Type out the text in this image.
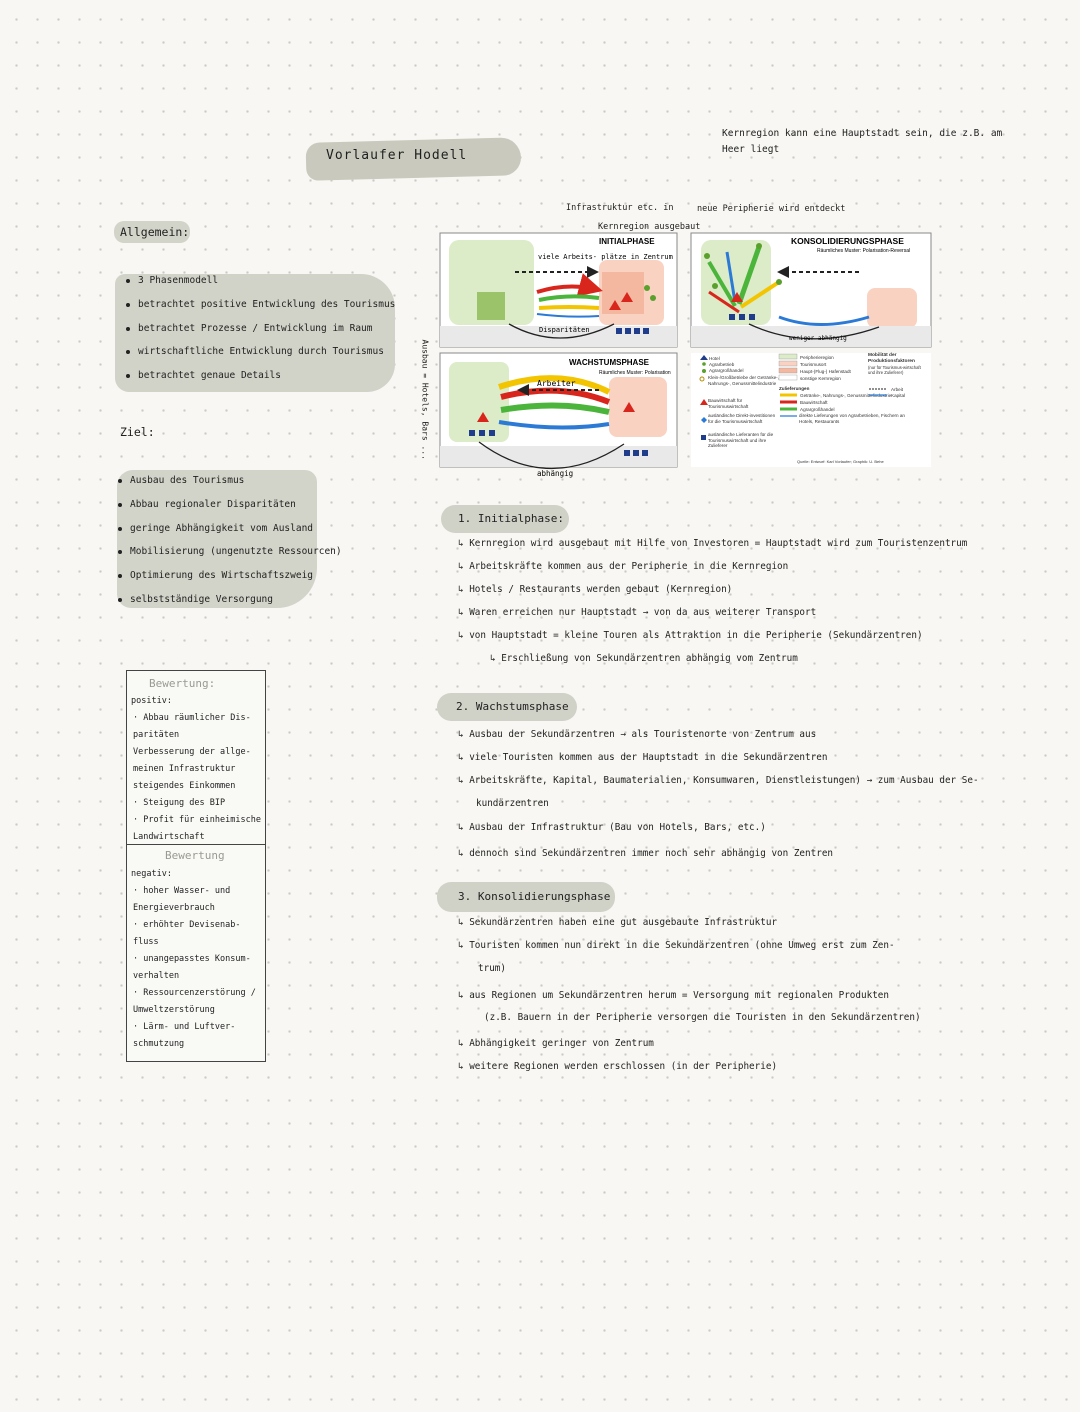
Vorlaufer Hodell
Kernregion kann eine Hauptstadt sein, die z.B. am
Heer liegt
Allgemein:
3 Phasenmodell
betrachtet positive Entwicklung des Tourismus
betrachtet Prozesse / Entwicklung im Raum
wirtschaftliche Entwicklung durch Tourismus
betrachtet genaue Details
Ziel:
Ausbau des Tourismus
Abbau regionaler Disparitäten
geringe Abhängigkeit vom Ausland
Mobilisierung (ungenutzte Ressourcen)
Optimierung des Wirtschaftszweig
selbstständige Versorgung
Bewertung:
positiv:
· Abbau räumlicher Dis-
paritäten
Verbesserung der allge-
meinen Infrastruktur
steigendes Einkommen
· Steigung des BIP
· Profit für einheimische
Landwirtschaft
Bewertung
negativ:
· hoher Wasser- und
Energieverbrauch
· erhöhter Devisenab-
fluss
· unangepasstes Konsum-
verhalten
· Ressourcenzerstörung /
Umweltzerstörung
· Lärm- und Luftver-
schmutzung
Ausbau = Hotels, Bars ...
Infrastruktur etc. in
Kernregion ausgebaut
neue Peripherie wird entdeckt
viele Arbeits- plätze in Zentrum
Disparitäten
INITIALPHASE
Arbeiter
abhängig
WACHSTUMSPHASE
Räumliches Muster: Polarisation
KONSOLIDIERUNGSPHASE
Räumliches Muster: Polarisation-Reversal
weniger abhängig
Hotel
Agrarbetrieb
Agrargroßhandel
Klein-/Großbetriebe der Getränke-, Nahrungs-, Genussmittelindustrie
Bauwirtschaft für Tourismuswirtschaft
ausländische Direkt-investitionen für die Tourismuswirtschaft
ausländische Lieferanten für die Tourismuswirtschaft und ihre Zulieferer
Peripherieregion
Tourismusort
Haupt-(Flug-) Hafenstadt
sonstige Kernregion
Zulieferungen
Getränke-, Nahrungs-, Genussmittelindustrie
Bauwirtschaft
Agrargroßhandel
direkte Lieferungen von Agrarbetrieben, Fischern an Hotels, Restaurants
Mobilität der Produktionsfaktoren
(nur für Tourismus-wirtschaft und ihre Zulieferer)
Arbeit
Kapital
Quelle: Entwurf: Karl Vorlaufer; Graphik: U. Behe
1. Initialphase:
↳ Kernregion wird ausgebaut mit Hilfe von Investoren = Hauptstadt wird zum Touristenzentrum
↳ Arbeitskräfte kommen aus der Peripherie in die Kernregion
↳ Hotels / Restaurants werden gebaut (Kernregion)
↳ Waren erreichen nur Hauptstadt → von da aus weiterer Transport
↳ von Hauptstadt = kleine Touren als Attraktion in die Peripherie (Sekundärzentren)
↳ Erschließung von Sekundärzentren abhängig vom Zentrum
2. Wachstumsphase
↳ Ausbau der Sekundärzentren → als Touristenorte von Zentrum aus
↳ viele Touristen kommen aus der Hauptstadt in die Sekundärzentren
↳ Arbeitskräfte, Kapital, Baumaterialien, Konsumwaren, Dienstleistungen) → zum Ausbau der Se-
kundärzentren
↳ Ausbau der Infrastruktur (Bau von Hotels, Bars, etc.)
↳ dennoch sind Sekundärzentren immer noch sehr abhängig von Zentren
3. Konsolidierungsphase
↳ Sekundärzentren haben eine gut ausgebaute Infrastruktur
↳ Touristen kommen nun direkt in die Sekundärzentren (ohne Umweg erst zum Zen-
trum)
↳ aus Regionen um Sekundärzentren herum = Versorgung mit regionalen Produkten
(z.B. Bauern in der Peripherie versorgen die Touristen in den Sekundärzentren)
↳ Abhängigkeit geringer von Zentrum
↳ weitere Regionen werden erschlossen (in der Peripherie)
